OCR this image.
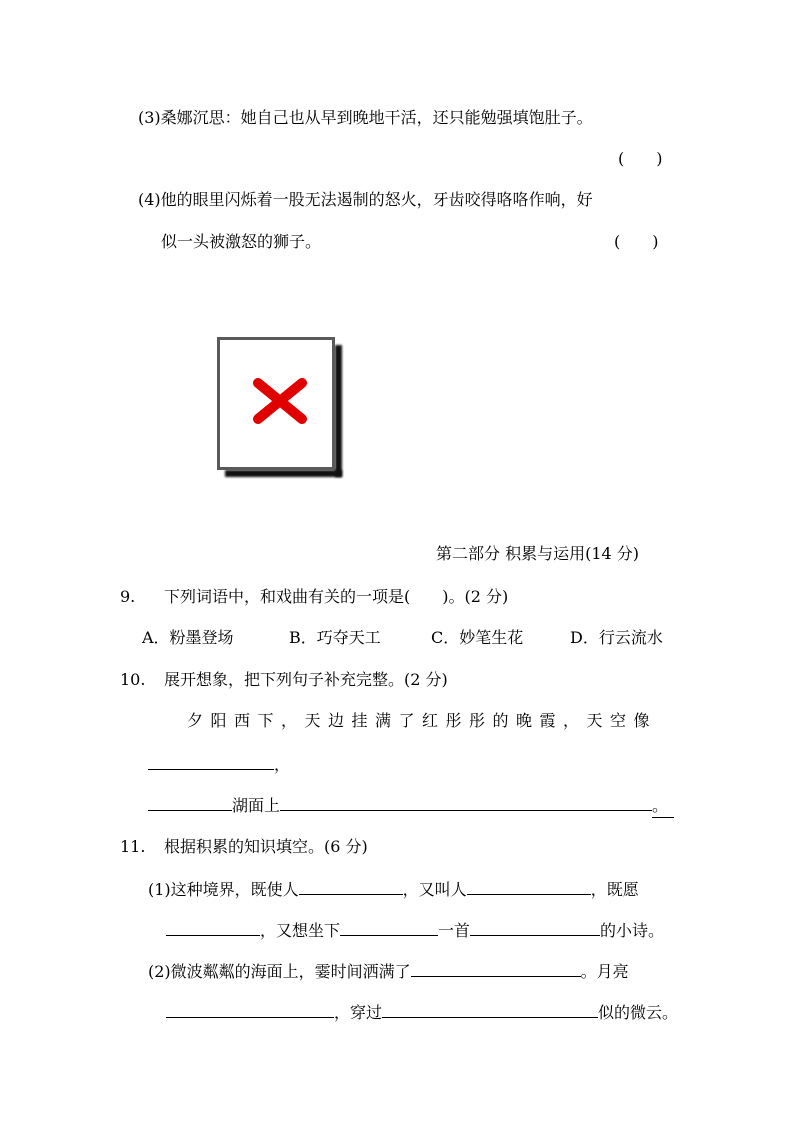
(3)桑娜沉思：她自己也从早到晚地干活，还只能勉强填饱肚子。
(　　)
(4)他的眼里闪烁着一股无法遏制的怒火，牙齿咬得咯咯作响，好
似一头被激怒的狮子。	(　　)
第二部分 积累与运用(14 分)
9. 下列词语中，和戏曲有关的一项是(　　)。(2 分)
A．粉墨登场	B．巧夺天工	C．妙笔生花	D．行云流水
10. 展开想象，把下列句子补充完整。(2 分)
夕阳西下，天边挂满了红彤彤的晚霞，天空像
，
湖面上	。
11. 根据积累的知识填空。(6 分)
(1)这种境界，既使人	，又叫人	，既愿
，又想坐下	一首	的小诗。
(2)微波粼粼的海面上，霎时间洒满了	。月亮
，穿过	似的微云。
